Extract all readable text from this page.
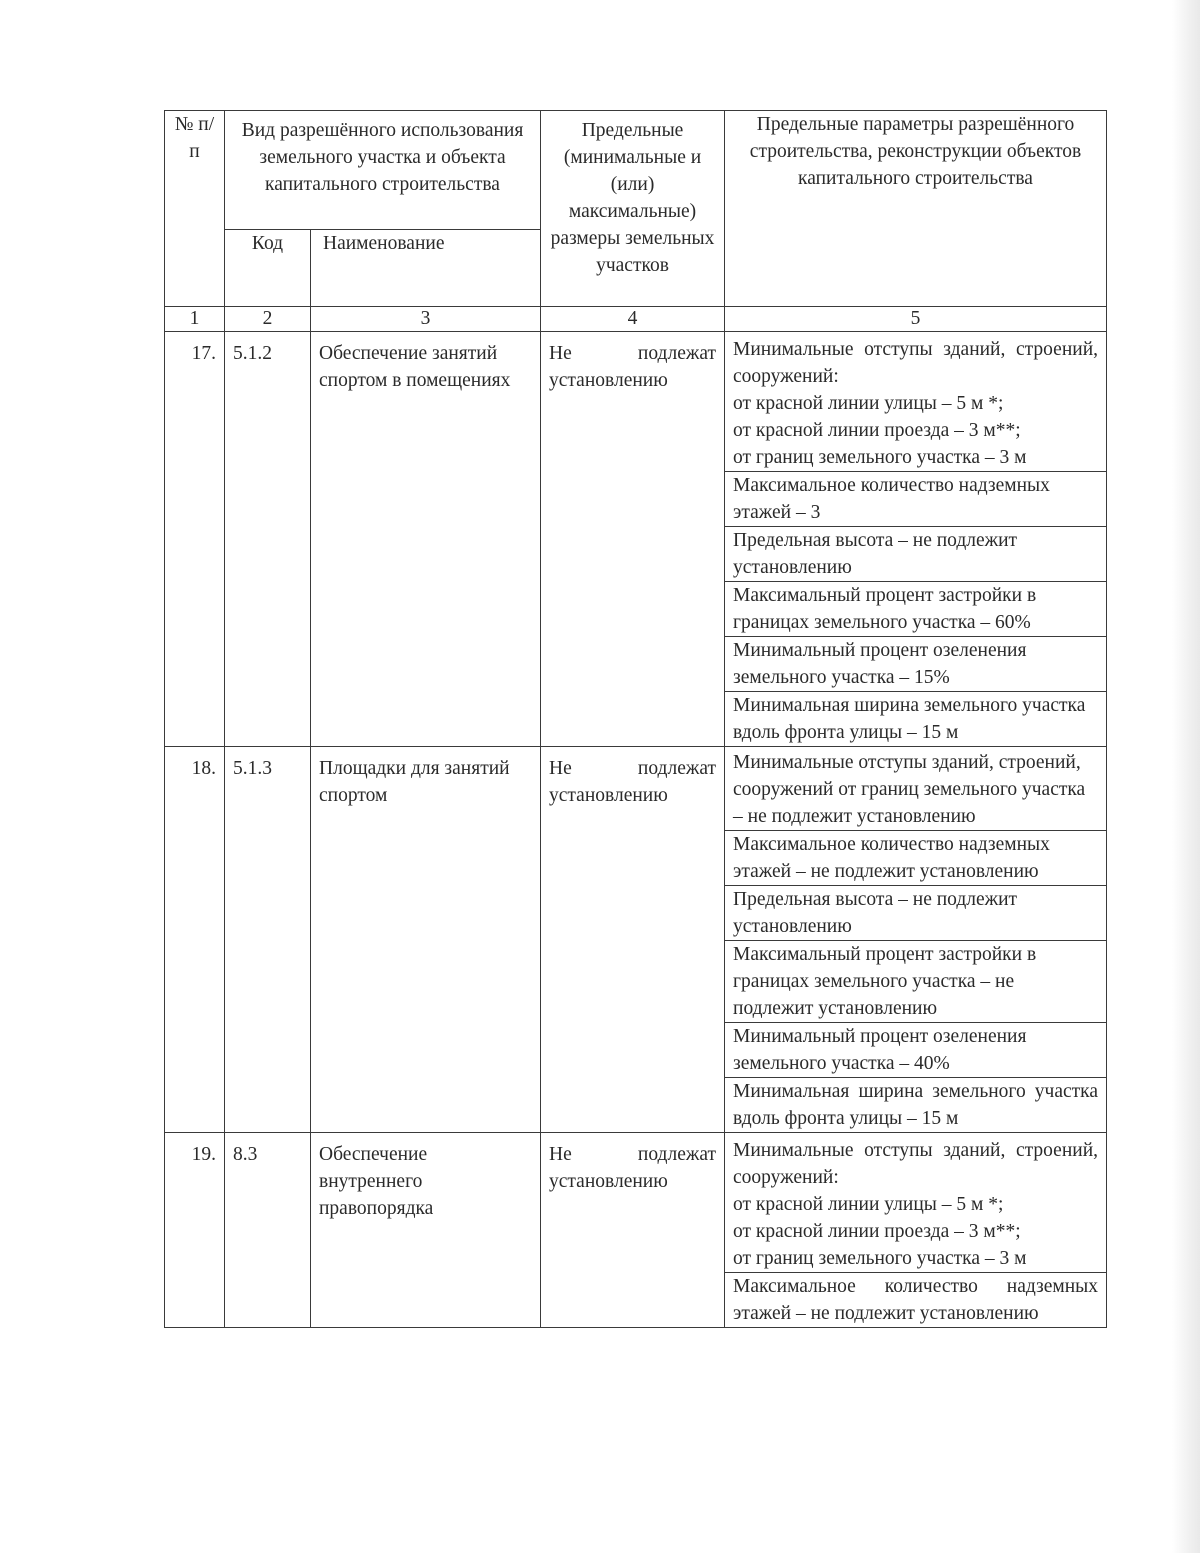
№ п/п	Вид разрешённого использования земельного участка и объекта капитального строительства		Предельные (минимальные и (или) максимальные) размеры земельных участков	Предельные параметры разрешённого строительства, реконструкции объектов капитального строительства
	Код	Наименование		
1	2	3	4	5
17.	5.1.2	Обеспечение занятий спортом в помещениях	Не подлежат установлению	Минимальные отступы зданий, строений, сооружений:
от красной линии улицы – 5 м *;
от красной линии проезда – 3 м**;
от границ земельного участка – 3 м

				Максимальное количество надземных этажей – 3
				Предельная высота – не подлежит установлению
				Максимальный процент застройки в границах земельного участка – 60%
				Минимальный процент озеленения земельного участка – 15%
				Минимальная ширина земельного участка вдоль фронта улицы – 15 м
18.	5.1.3	Площадки для занятий спортом	Не подлежат установлению	Минимальные отступы зданий, строений, сооружений от границ земельного участка – не подлежит установлению
				Максимальное количество надземных этажей – не подлежит установлению
				Предельная высота – не подлежит установлению
				Максимальный процент застройки в границах земельного участка – не подлежит установлению
				Минимальный процент озеленения земельного участка – 40%
				Минимальная ширина земельного участка вдоль фронта улицы – 15 м
19.	8.3	Обеспечение внутреннего правопорядка	Не подлежат установлению	Минимальные отступы зданий, строений, сооружений:
от красной линии улицы – 5 м *;
от красной линии проезда – 3 м**;
от границ земельного участка – 3 м

				Максимальное количество надземных этажей – не подлежит установлению
